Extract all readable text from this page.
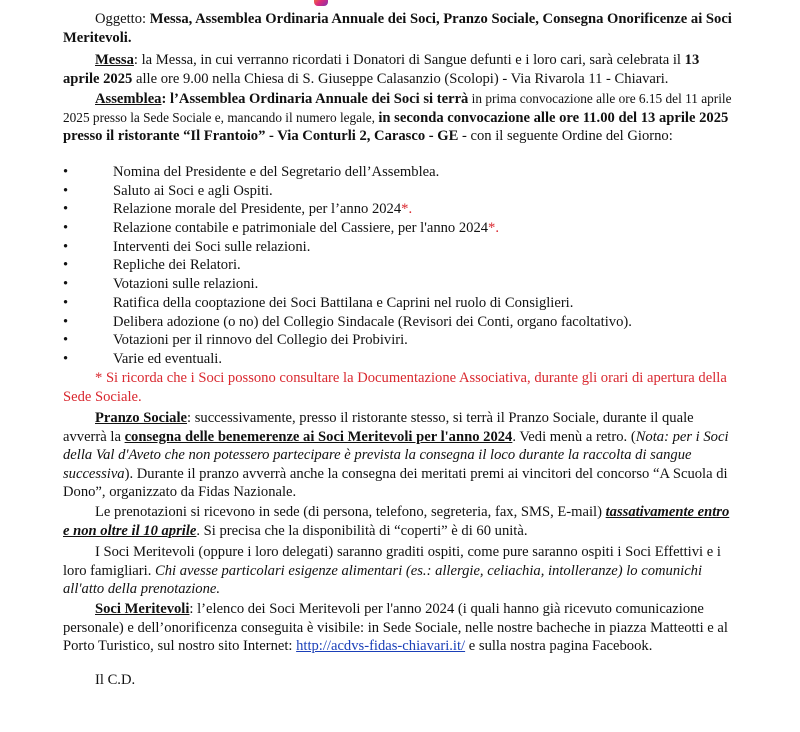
Oggetto: Messa, Assemblea Ordinaria Annuale dei Soci, Pranzo Sociale, Consegna Onorificenze ai Soci Meritevoli.

Messa: la Messa, in cui verranno ricordati i Donatori di Sangue defunti e i loro cari, sarà celebrata il 13 aprile 2025 alle ore 9.00 nella Chiesa di S. Giuseppe Calasanzio (Scolopi) - Via Rivarola 11 - Chiavari.

Assemblea: l’Assemblea Ordinaria Annuale dei Soci si terrà in prima convocazione alle ore 6.15 del 11 aprile 2025 presso la Sede Sociale e, mancando il numero legale, in seconda convocazione alle ore 11.00 del 13 aprile 2025 presso il ristorante “Il Frantoio” - Via Conturli 2, Carasco - GE - con il seguente Ordine del Giorno:

•	Nomina del Presidente e del Segretario dell’Assemblea.
•	Saluto ai Soci e agli Ospiti.
•	Relazione morale del Presidente, per l’anno 2024*.
•	Relazione contabile e patrimoniale del Cassiere, per l'anno 2024*.
•	Interventi dei Soci sulle relazioni.
•	Repliche dei Relatori.
•	Votazioni sulle relazioni.
•	Ratifica della cooptazione dei Soci Battilana e Caprini nel ruolo di Consiglieri.
•	Delibera adozione (o no) del Collegio Sindacale (Revisori dei Conti, organo facoltativo).
•	Votazioni per il rinnovo del Collegio dei Probiviri.
•	Varie ed eventuali.

* Si ricorda che i Soci possono consultare la Documentazione Associativa, durante gli orari di apertura della Sede Sociale.

Pranzo Sociale: successivamente, presso il ristorante stesso, si terrà il Pranzo Sociale, durante il quale avverrà la consegna delle benemerenze ai Soci Meritevoli per l'anno 2024. Vedi menù a retro. (Nota: per i Soci della Val d'Aveto che non potessero partecipare è prevista la consegna il loco durante la raccolta di sangue successiva). Durante il pranzo avverrà anche la consegna dei meritati premi ai vincitori del concorso “A Scuola di Dono”, organizzato da Fidas Nazionale.

Le prenotazioni si ricevono in sede (di persona, telefono, segreteria, fax, SMS, E-mail) tassativamente entro e non oltre il 10 aprile. Si precisa che la disponibilità di “coperti” è di 60 unità.

I Soci Meritevoli (oppure i loro delegati) saranno graditi ospiti, come pure saranno ospiti i Soci Effettivi e i loro famigliari. Chi avesse particolari esigenze alimentari (es.: allergie, celiachia, intolleranze) lo comunichi all'atto della prenotazione.

Soci Meritevoli: l’elenco dei Soci Meritevoli per l'anno 2024 (i quali hanno già ricevuto comunicazione personale) e dell’onorificenza conseguita è visibile: in Sede Sociale, nelle nostre bacheche in piazza Matteotti e al Porto Turistico, sul nostro sito Internet: http://acdvs-fidas-chiavari.it/ e sulla nostra pagina Facebook.

Il C.D.
